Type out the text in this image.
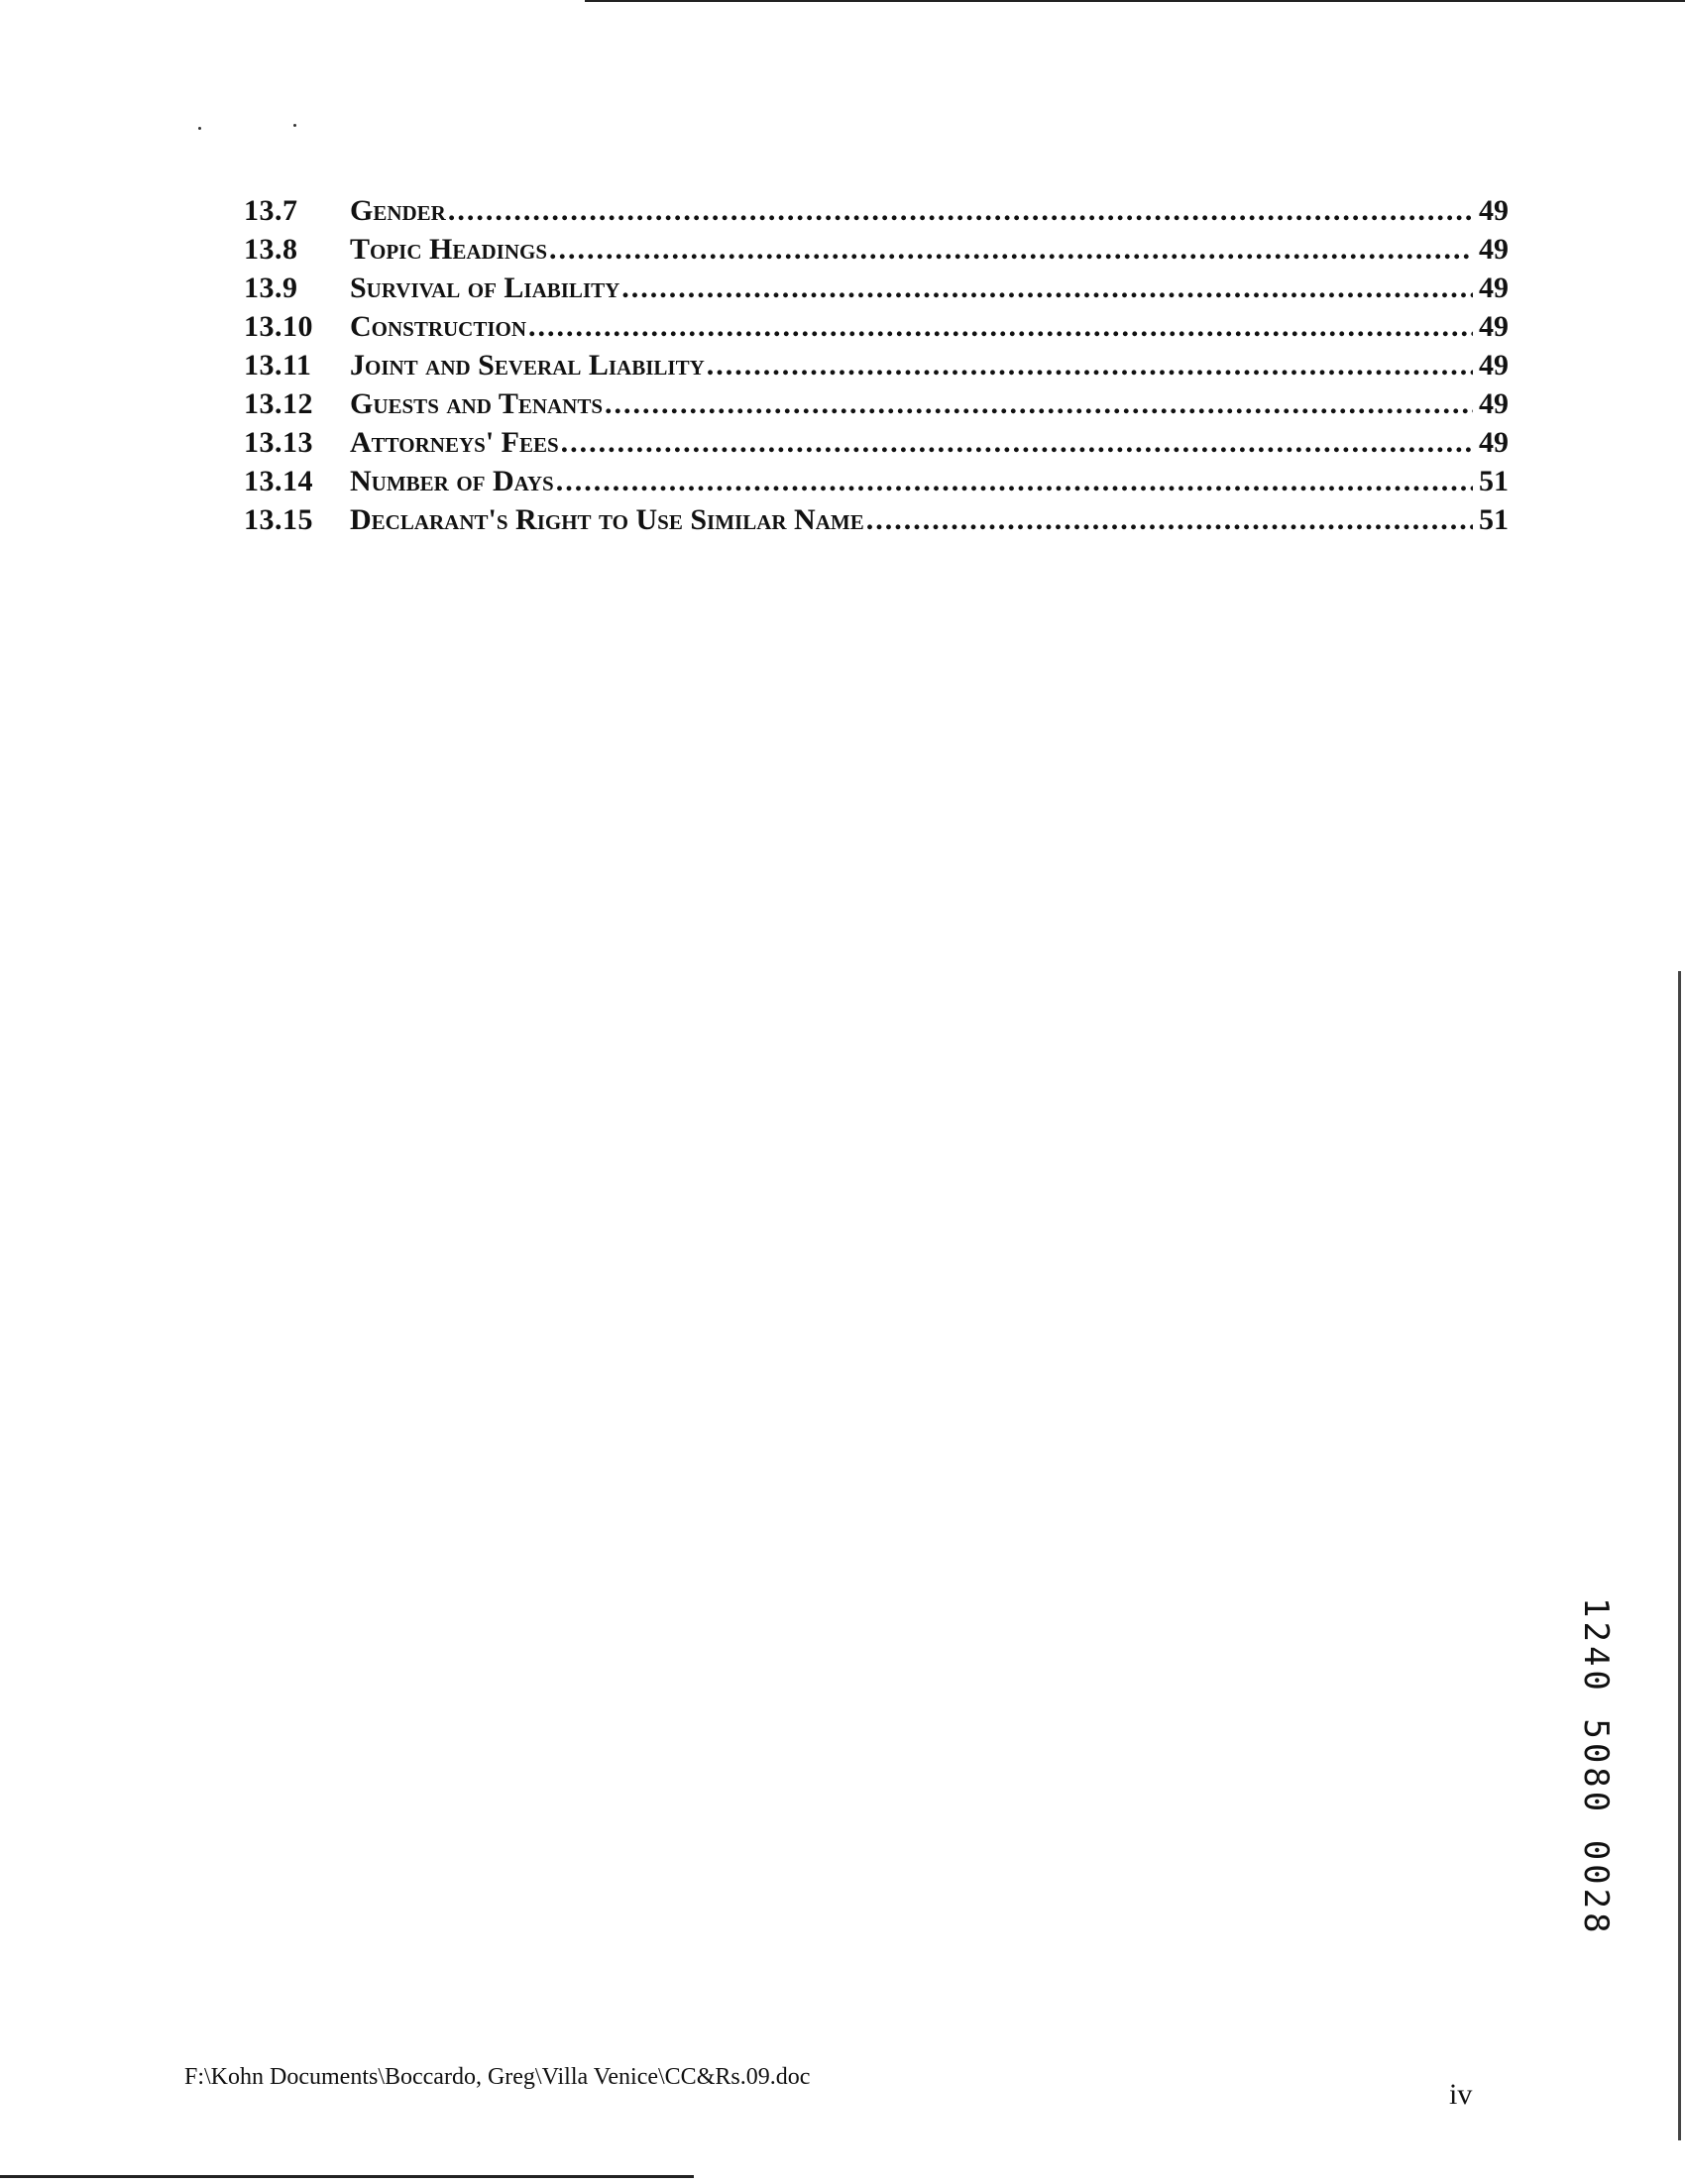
13.7	Gender .....	49
13.8	Topic Headings .....	49
13.9	Survival of Liability .....	49
13.10	Construction .....	49
13.11	Joint and Several Liability .....	49
13.12	Guests and Tenants .....	49
13.13	Attorneys' Fees .....	49
13.14	Number of Days .....	51
13.15	Declarant's Right to Use Similar Name .....	51
1240 5080 0028
F:\Kohn Documents\Boccardo, Greg\Villa Venice\CC&Rs.09.doc
iv
